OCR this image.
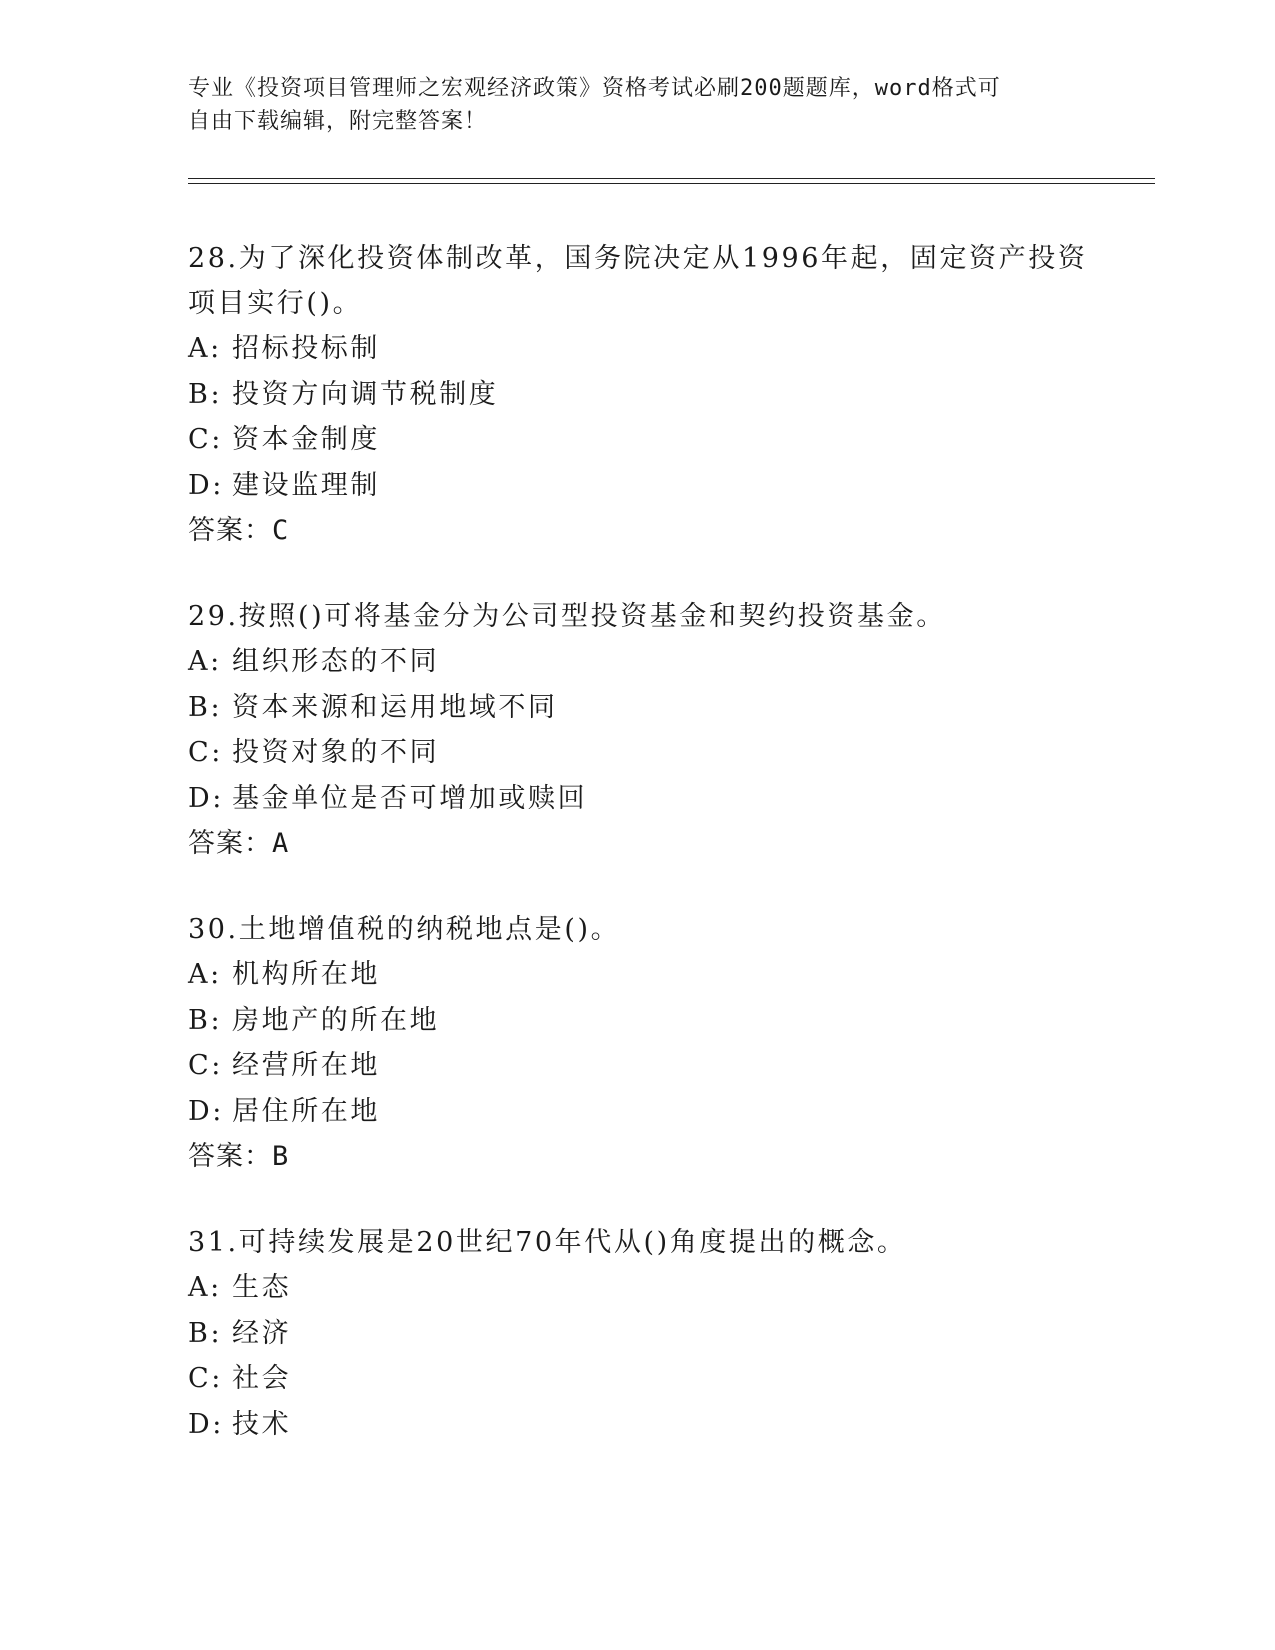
专业《投资项目管理师之宏观经济政策》资格考试必刷200题题库，word格式可
自由下载编辑，附完整答案！

28.为了深化投资体制改革，国务院决定从1996年起，固定资产投资项目实行()。

A: 招标投标制

B: 投资方向调节税制度

C: 资本金制度

D: 建设监理制

答案：C

29.按照()可将基金分为公司型投资基金和契约投资基金。

A: 组织形态的不同

B: 资本来源和运用地域不同

C: 投资对象的不同

D: 基金单位是否可增加或赎回

答案：A

30.土地增值税的纳税地点是()。

A: 机构所在地

B: 房地产的所在地

C: 经营所在地

D: 居住所在地

答案：B

31.可持续发展是20世纪70年代从()角度提出的概念。

A: 生态

B: 经济

C: 社会

D: 技术
